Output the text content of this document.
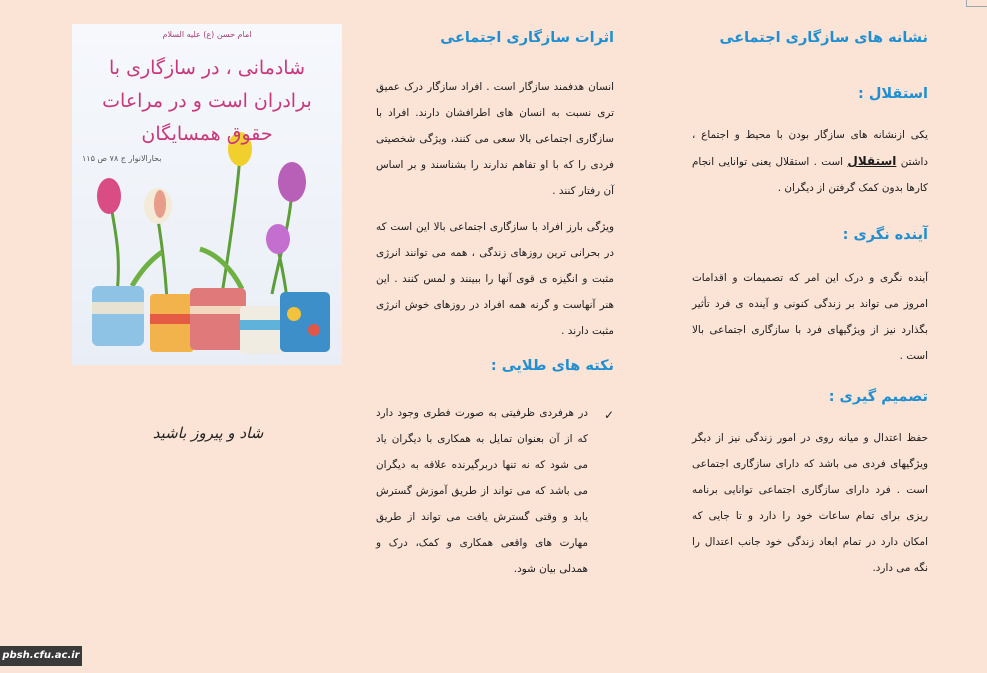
نشانه های سازگاری اجتماعی
استقلال :

یکی ازنشانه های سازگار بودن با محیط و اجتماع ، داشتن استقلال است . استقلال یعنی توانایی انجام کارها بدون کمک گرفتن از دیگران .

آینده نگری :

آینده نگری و درک این امر که تصمیمات و اقدامات امروز می تواند بر زندگی کنونی و آینده ی فرد تأثیر بگذارد نیز از ویژگیهای فرد با سازگاری اجتماعی بالا است .

تصمیم گیری :

حفظ اعتدال و میانه روی در امور زندگی نیز از دیگر ویژگیهای فردی می باشد که دارای سازگاری اجتماعی است . فرد دارای سازگاری اجتماعی توانایی برنامه ریزی برای تمام ساعات خود را دارد و تا جایی که امکان دارد در تمام ابعاد زندگی خود جانب اعتدال را نگه می دارد.

اثرات سازگاری اجتماعی

انسان هدفمند سازگار است . افراد سازگار درک عمیق تری نسبت به انسان های اطرافشان دارند. افراد با سازگاری اجتماعی بالا سعی می کنند، ویژگی شخصیتی فردی را که با او تفاهم ندارند را بشناسند و بر اساس آن رفتار کنند .

ویژگی بارز افراد با سازگاری اجتماعی بالا این است که در بحرانی ترین روزهای زندگی ، همه می توانند انرژی مثبت و انگیزه ی قوی آنها را ببینند و لمس کنند . این هنر آنهاست و گرنه همه افراد در روزهای خوش انرژی مثبت دارند .

نکته های طلایی :

✓
در هرفردی ظرفیتی به صورت فطری وجود دارد که از آن بعنوان تمایل به همکاری با دیگران یاد می شود که نه تنها دربرگیرنده علاقه به دیگران می باشد که می تواند از طریق آموزش گسترش یابد و وقتی گسترش یافت می تواند از طریق مهارت های واقعی همکاری و کمک، درک و همدلی بیان شود.

امام حسن (ع) عليه السلام
شادمانی ، در سازگاری با برادران است و در مراعات حقوق همسایگان
بحارالانوار ج ۷۸ ص ۱۱۵
شاد و پیروز باشید
pbsh.cfu.ac.ir
